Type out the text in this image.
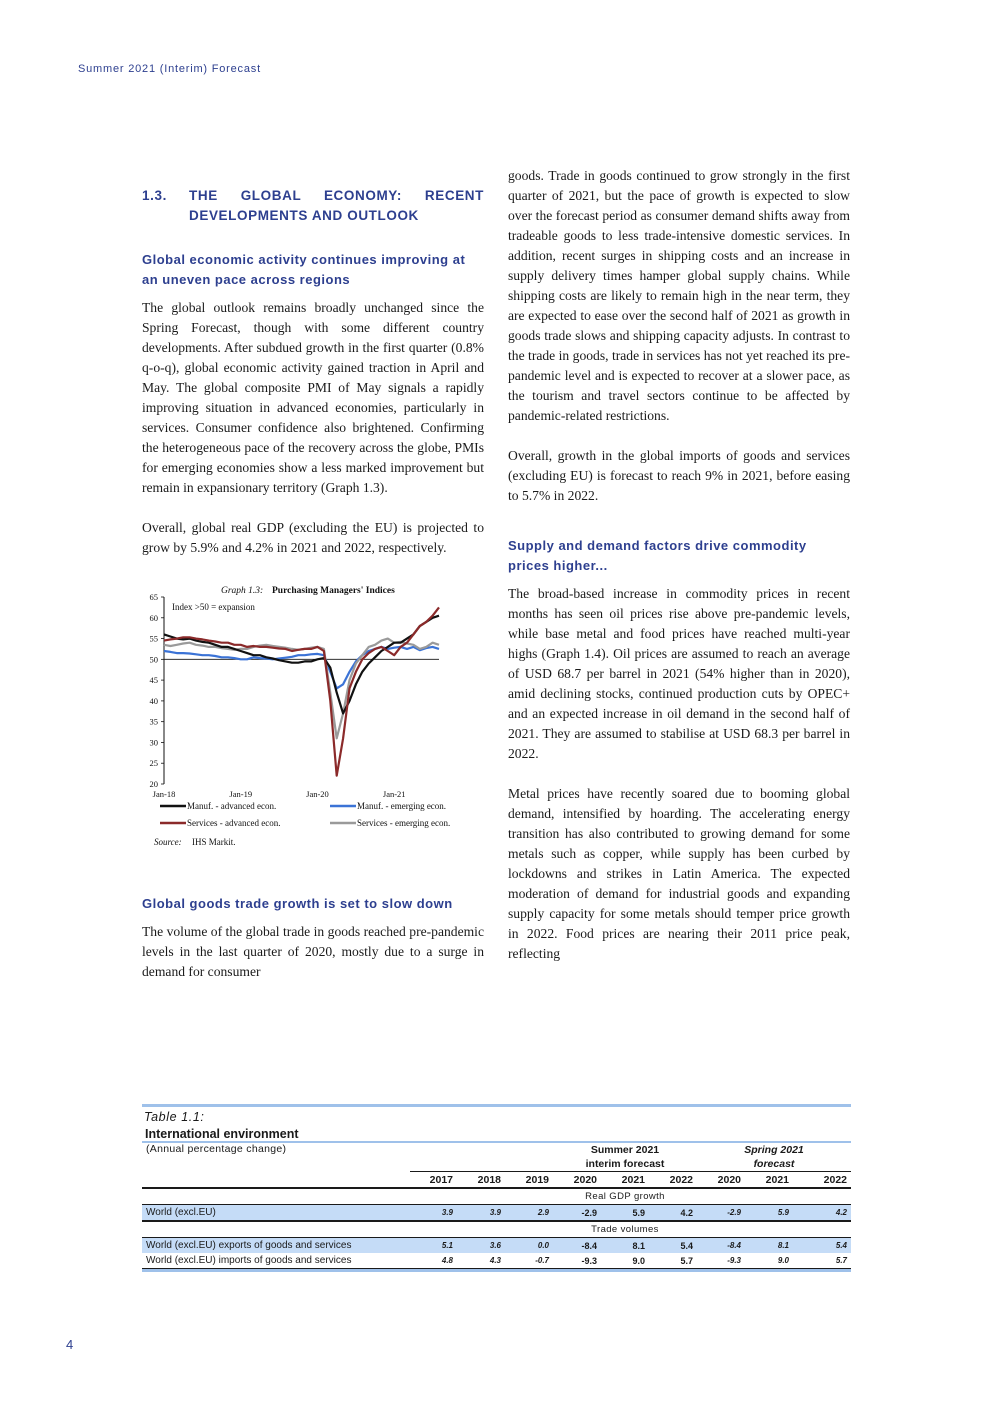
Summer 2021 (Interim) Forecast
1.3.	THE GLOBAL ECONOMY: RECENT DEVELOPMENTS AND OUTLOOK
Global economic activity continues improving at an uneven pace across regions

The global outlook remains broadly unchanged since the Spring Forecast, though with some different country developments. After subdued growth in the first quarter (0.8% q-o-q), global economic activity gained traction in April and May. The global composite PMI of May signals a rapidly improving situation in advanced economies, particularly in services. Consumer confidence also brightened. Confirming the heterogeneous pace of the recovery across the globe, PMIs for emerging economies show a less marked improvement but remain in expansionary territory (Graph 1.3).

Overall, global real GDP (excluding the EU) is projected to grow by 5.9% and 4.2% in 2021 and 2022, respectively.

Graph 1.3: Purchasing Managers' Indices
Index >50 = expansion
65
60
55
50
45
40
35
30
25
20
Jan-18	Jan-19	Jan-20	Jan-21
Manuf. - advanced econ.	Manuf. - emerging econ.
Services - advanced econ.	Services - emerging econ.
Source: IHS Markit.
Global goods trade growth is set to slow down

The volume of the global trade in goods reached pre-pandemic levels in the last quarter of 2020, mostly due to a surge in demand for consumer

goods. Trade in goods continued to grow strongly in the first quarter of 2021, but the pace of growth is expected to slow over the forecast period as consumer demand shifts away from tradeable goods to less trade-intensive domestic services. In addition, recent surges in shipping costs and an increase in supply delivery times hamper global supply chains. While shipping costs are likely to remain high in the near term, they are expected to ease over the second half of 2021 as growth in goods trade slows and shipping capacity adjusts. In contrast to the trade in goods, trade in services has not yet reached its pre-pandemic level and is expected to recover at a slower pace, as the tourism and travel sectors continue to be affected by pandemic-related restrictions.

Overall, growth in the global imports of goods and services (excluding EU) is forecast to reach 9% in 2021, before easing to 5.7% in 2022.

Supply and demand factors drive commodity prices higher...

The broad-based increase in commodity prices in recent months has seen oil prices rise above pre-pandemic levels, while base metal and food prices have reached multi-year highs (Graph 1.4). Oil prices are assumed to reach an average of USD 68.7 per barrel in 2021 (54% higher than in 2020), amid declining stocks, continued production cuts by OPEC+ and an expected increase in oil demand in the second half of 2021. They are assumed to stabilise at USD 68.3 per barrel in 2022.

Metal prices have recently soared due to booming global demand, intensified by hoarding. The accelerating energy transition has also contributed to growing demand for some metals such as copper, while supply has been curbed by lockdowns and strikes in Latin America. The expected moderation of demand for industrial goods and expanding supply capacity for some metals should temper price growth in 2022. Food prices are nearing their 2011 price peak, reflecting

Table 1.1:
International environment
(Annual percentage change)				Summer 2021
interim forecast			Spring 2021
forecast		
	2017	2018	2019	2020	2021	2022	2020	2021	2022
				Real GDP growth					
World (excl.EU)	3.9	3.9	2.9	-2.9	5.9	4.2	-2.9	5.9	4.2
				Trade volumes					
World (excl.EU) exports of goods and services	5.1	3.6	0.0	-8.4	8.1	5.4	-8.4	8.1	5.4
World (excl.EU) imports of goods and services	4.8	4.3	-0.7	-9.3	9.0	5.7	-9.3	9.0	5.7
4
